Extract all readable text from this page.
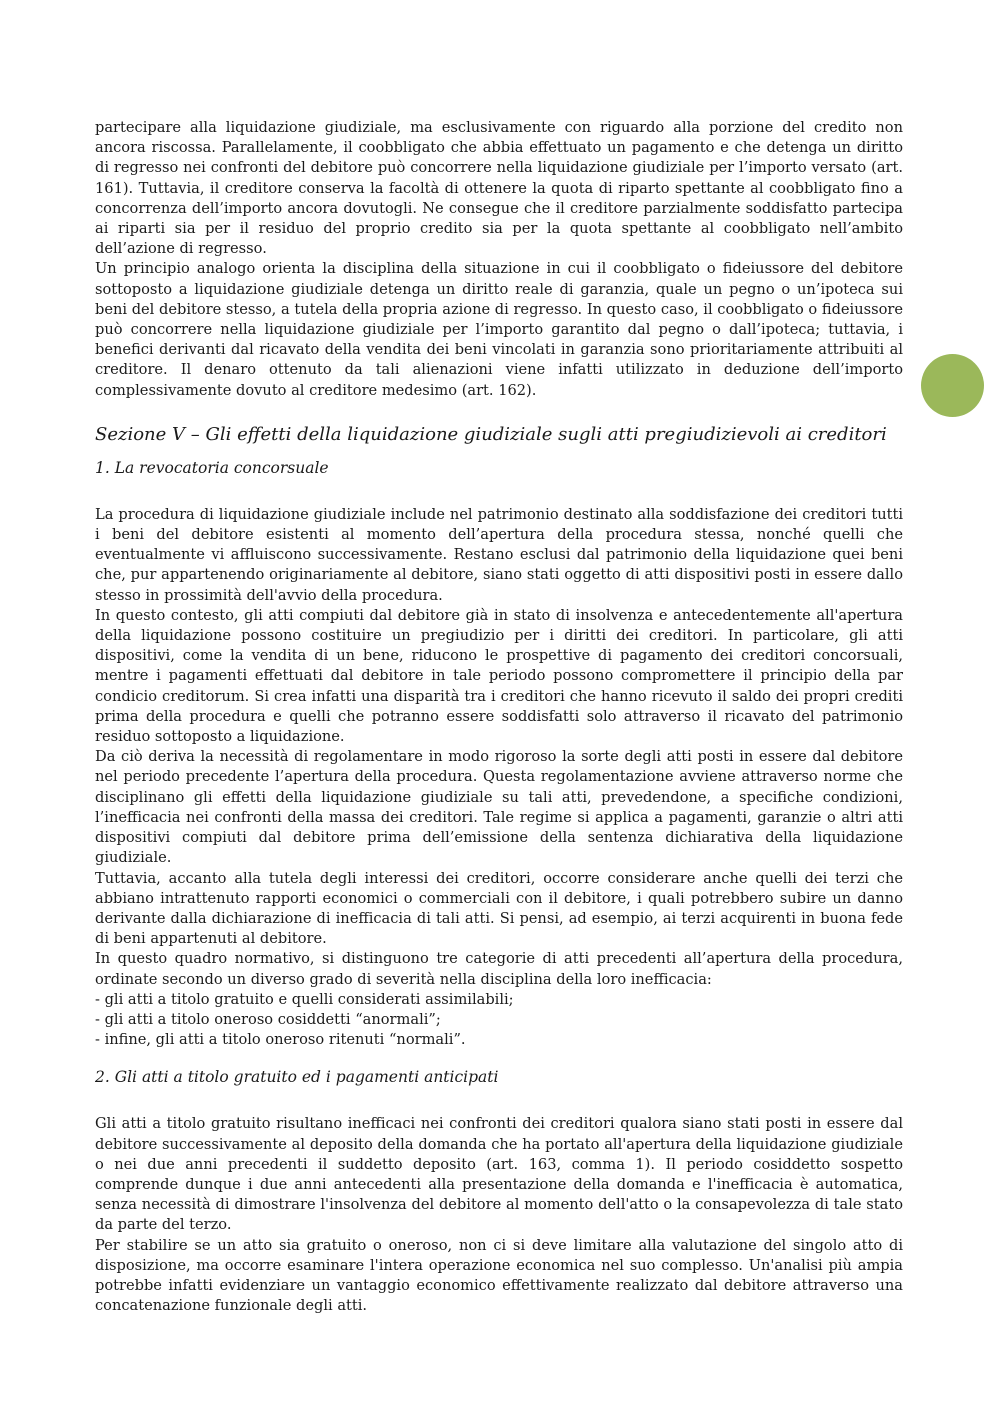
partecipare alla liquidazione giudiziale, ma esclusivamente con riguardo alla porzione del credito non ancora riscossa. Parallelamente, il coobbligato che abbia effettuato un pagamento e che detenga un diritto di regresso nei confronti del debitore può concorrere nella liquidazione giudiziale per l’importo versato (art. 161). Tuttavia, il creditore conserva la facoltà di ottenere la quota di riparto spettante al coobbligato fino a concorrenza dell’importo ancora dovutogli. Ne consegue che il creditore parzialmente soddisfatto partecipa ai riparti sia per il residuo del proprio credito sia per la quota spettante al coobbligato nell’ambito dell’azione di regresso.

Un principio analogo orienta la disciplina della situazione in cui il coobbligato o fideiussore del debitore sottoposto a liquidazione giudiziale detenga un diritto reale di garanzia, quale un pegno o un’ipoteca sui beni del debitore stesso, a tutela della propria azione di regresso. In questo caso, il coobbligato o fideiussore può concorrere nella liquidazione giudiziale per l’importo garantito dal pegno o dall’ipoteca; tuttavia, i benefici derivanti dal ricavato della vendita dei beni vincolati in garanzia sono prioritariamente attribuiti al creditore. Il denaro ottenuto da tali alienazioni viene infatti utilizzato in deduzione dell’importo complessivamente dovuto al creditore medesimo (art. 162).

Sezione V – Gli effetti della liquidazione giudiziale sugli atti pregiudizievoli ai creditori
1. La revocatoria concorsuale

La procedura di liquidazione giudiziale include nel patrimonio destinato alla soddisfazione dei creditori tutti i beni del debitore esistenti al momento dell’apertura della procedura stessa, nonché quelli che eventualmente vi affluiscono successivamente. Restano esclusi dal patrimonio della liquidazione quei beni che, pur appartenendo originariamente al debitore, siano stati oggetto di atti dispositivi posti in essere dallo stesso in prossimità dell'avvio della procedura.

In questo contesto, gli atti compiuti dal debitore già in stato di insolvenza e antecedentemente all'apertura della liquidazione possono costituire un pregiudizio per i diritti dei creditori. In particolare, gli atti dispositivi, come la vendita di un bene, riducono le prospettive di pagamento dei creditori concorsuali, mentre i pagamenti effettuati dal debitore in tale periodo possono compromettere il principio della par condicio creditorum. Si crea infatti una disparità tra i creditori che hanno ricevuto il saldo dei propri crediti prima della procedura e quelli che potranno essere soddisfatti solo attraverso il ricavato del patrimonio residuo sottoposto a liquidazione.

Da ciò deriva la necessità di regolamentare in modo rigoroso la sorte degli atti posti in essere dal debitore nel periodo precedente l’apertura della procedura. Questa regolamentazione avviene attraverso norme che disciplinano gli effetti della liquidazione giudiziale su tali atti, prevedendone, a specifiche condizioni, l’inefficacia nei confronti della massa dei creditori. Tale regime si applica a pagamenti, garanzie o altri atti dispositivi compiuti dal debitore prima dell’emissione della sentenza dichiarativa della liquidazione giudiziale.

Tuttavia, accanto alla tutela degli interessi dei creditori, occorre considerare anche quelli dei terzi che abbiano intrattenuto rapporti economici o commerciali con il debitore, i quali potrebbero subire un danno derivante dalla dichiarazione di inefficacia di tali atti. Si pensi, ad esempio, ai terzi acquirenti in buona fede di beni appartenuti al debitore.

In questo quadro normativo, si distinguono tre categorie di atti precedenti all’apertura della procedura, ordinate secondo un diverso grado di severità nella disciplina della loro inefficacia:

- gli atti a titolo gratuito e quelli considerati assimilabili;

- gli atti a titolo oneroso cosiddetti “anormali”;

- infine, gli atti a titolo oneroso ritenuti “normali”.

2. Gli atti a titolo gratuito ed i pagamenti anticipati

Gli atti a titolo gratuito risultano inefficaci nei confronti dei creditori qualora siano stati posti in essere dal debitore successivamente al deposito della domanda che ha portato all'apertura della liquidazione giudiziale o nei due anni precedenti il suddetto deposito (art. 163, comma 1). Il periodo cosiddetto sospetto comprende dunque i due anni antecedenti alla presentazione della domanda e l'inefficacia è automatica, senza necessità di dimostrare l'insolvenza del debitore al momento dell'atto o la consapevolezza di tale stato da parte del terzo.

Per stabilire se un atto sia gratuito o oneroso, non ci si deve limitare alla valutazione del singolo atto di disposizione, ma occorre esaminare l'intera operazione economica nel suo complesso. Un'analisi più ampia potrebbe infatti evidenziare un vantaggio economico effettivamente realizzato dal debitore attraverso una concatenazione funzionale degli atti.
